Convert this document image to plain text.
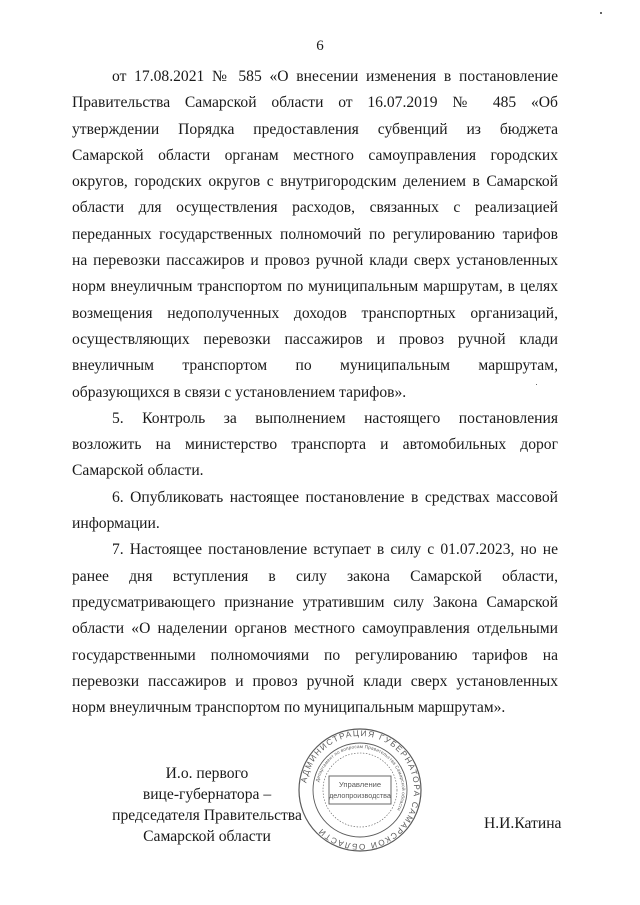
6

от 17.08.2021 № 585 «О внесении изменения в постановление Правительства Самарской области от 16.07.2019 № 485 «Об утверждении Порядка предоставления субвенций из бюджета Самарской области органам местного самоуправления городских округов, городских округов с внутригородским делением в Самарской области для осуществления расходов, связанных с реализацией переданных государственных полномочий по регулированию тарифов на перевозки пассажиров и провоз ручной клади сверх установленных норм внеуличным транспортом по муниципальным маршрутам, в целях возмещения недополученных доходов транспортных организаций, осуществляющих перевозки пассажиров и провоз ручной клади внеуличным транспортом по муниципальным маршрутам, образующихся в связи с установлением тарифов».

5. Контроль за выполнением настоящего постановления возложить на министерство транспорта и автомобильных дорог Самарской области.

6. Опубликовать настоящее постановление в средствах массовой информации.

7. Настоящее постановление вступает в силу с 01.07.2023, но не ранее дня вступления в силу закона Самарской области, предусматривающего признание утратившим силу Закона Самарской области «О наделении органов местного самоуправления отдельными государственными полномочиями по регулированию тарифов на перевозки пассажиров и провоз ручной клади сверх установленных норм внеуличным транспортом по муниципальным маршрутам».

И.о. первого
вице-губернатора –
председателя Правительства
Самарской области
АДМИНИСТРАЦИЯ ГУБЕРНАТОРА САМАРСКОЙ ОБЛАСТИ
Департамент по вопросам Правительства Самарской области
Управление
делопроизводства
Н.И.Катина
